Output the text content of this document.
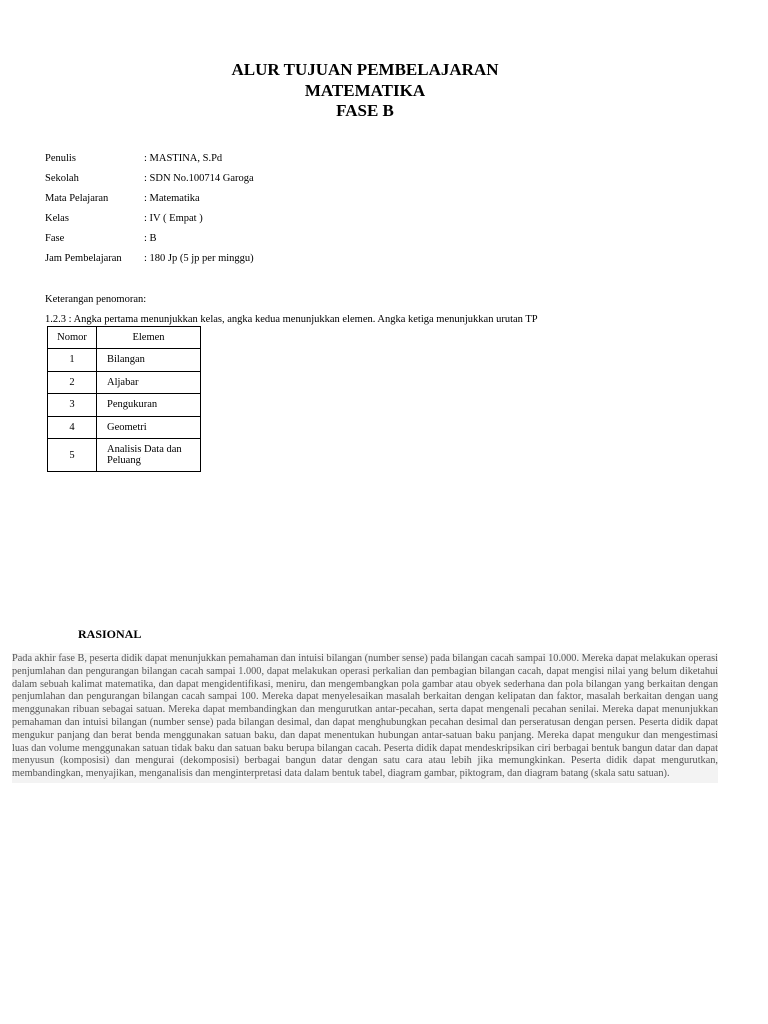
ALUR TUJUAN PEMBELAJARAN
MATEMATIKA
FASE B
Penulis	: MASTINA, S.Pd
Sekolah	: SDN No.100714 Garoga
Mata Pelajaran	: Matematika
Kelas	: IV ( Empat )
Fase	: B
Jam Pembelajaran	: 180 Jp (5 jp per minggu)
Keterangan penomoran:
1.2.3 : Angka pertama menunjukkan kelas, angka kedua menunjukkan elemen. Angka ketiga menunjukkan urutan TP
Nomor	Elemen
1	Bilangan
2	Aljabar
3	Pengukuran
4	Geometri
5	Analisis Data dan Peluang
RASIONAL
Pada akhir fase B, peserta didik dapat menunjukkan pemahaman dan intuisi bilangan (number sense) pada bilangan cacah sampai 10.000. Mereka dapat melakukan operasi penjumlahan dan pengurangan bilangan cacah sampai 1.000, dapat melakukan operasi perkalian dan pembagian bilangan cacah, dapat mengisi nilai yang belum diketahui dalam sebuah kalimat matematika, dan dapat mengidentifikasi, meniru, dan mengembangkan pola gambar atau obyek sederhana dan pola bilangan yang berkaitan dengan penjumlahan dan pengurangan bilangan cacah sampai 100. Mereka dapat menyelesaikan masalah berkaitan dengan kelipatan dan faktor, masalah berkaitan dengan uang menggunakan ribuan sebagai satuan. Mereka dapat membandingkan dan mengurutkan antar-pecahan, serta dapat mengenali pecahan senilai. Mereka dapat menunjukkan pemahaman dan intuisi bilangan (number sense) pada bilangan desimal, dan dapat menghubungkan pecahan desimal dan perseratusan dengan persen. Peserta didik dapat mengukur panjang dan berat benda menggunakan satuan baku, dan dapat menentukan hubungan antar-satuan baku panjang. Mereka dapat mengukur dan mengestimasi luas dan volume menggunakan satuan tidak baku dan satuan baku berupa bilangan cacah. Peserta didik dapat mendeskripsikan ciri berbagai bentuk bangun datar dan dapat menyusun (komposisi) dan mengurai (dekomposisi) berbagai bangun datar dengan satu cara atau lebih jika memungkinkan. Peserta didik dapat mengurutkan, membandingkan, menyajikan, menganalisis dan menginterpretasi data dalam bentuk tabel, diagram gambar, piktogram, dan diagram batang (skala satu satuan).
